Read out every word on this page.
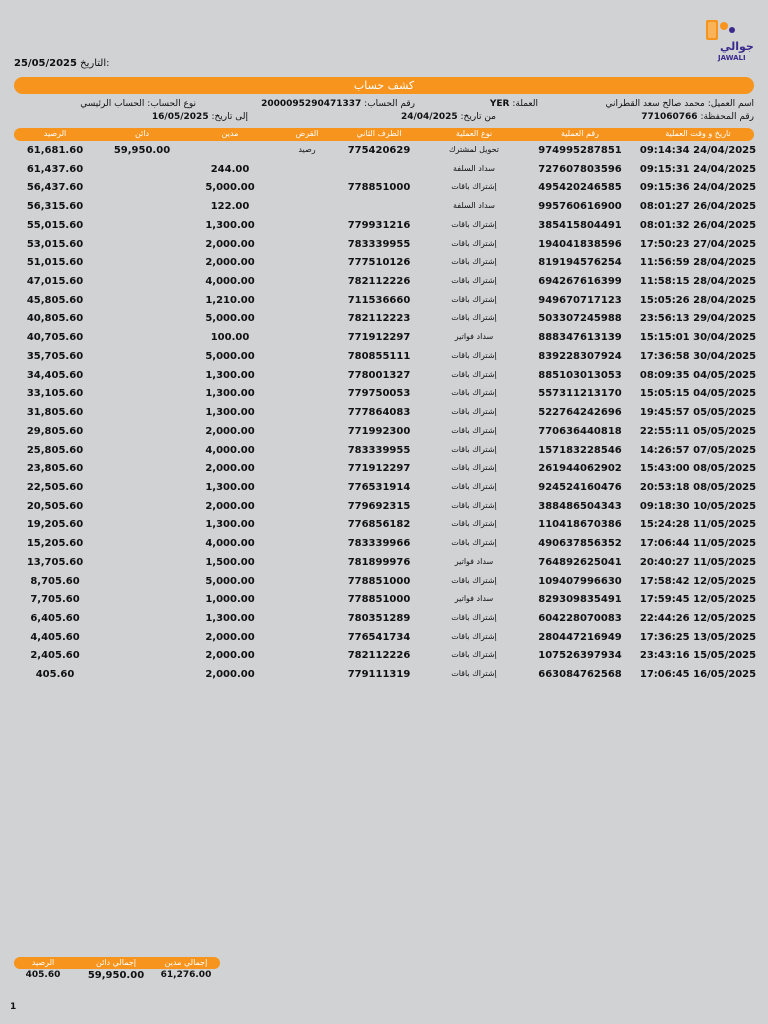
25/05/2025 التاريخ:
جوالي
JAWALI
كشف حساب
اسم العميل: محمد صالح سعد القطراني
العملة: YER
رقم الحساب: 2000095290471337
نوع الحساب: الحساب الرئيسي
رقم المحفظة: 771060766
من تاريخ: 24/04/2025
إلى تاريخ: 16/05/2025
تاريخ و وقت العملية
رقم العملية
نوع العملية
الطرف الثاني
القرض
مدين
دائن
الرصيد
09:14:34 24/04/2025
974995287851
تحويل لمشترك
775420629
رصيد
59,950.00
61,681.60
09:15:31 24/04/2025
727607803596
سداد السلفة
244.00
61,437.60
09:15:36 24/04/2025
495420246585
إشتراك باقات
778851000
5,000.00
56,437.60
08:01:27 26/04/2025
995760616900
سداد السلفة
122.00
56,315.60
08:01:32 26/04/2025
385415804491
إشتراك باقات
779931216
1,300.00
55,015.60
17:50:23 27/04/2025
194041838596
إشتراك باقات
783339955
2,000.00
53,015.60
11:56:59 28/04/2025
819194576254
إشتراك باقات
777510126
2,000.00
51,015.60
11:58:15 28/04/2025
694267616399
إشتراك باقات
782112226
4,000.00
47,015.60
15:05:26 28/04/2025
949670717123
إشتراك باقات
711536660
1,210.00
45,805.60
23:56:13 29/04/2025
503307245988
إشتراك باقات
782112223
5,000.00
40,805.60
15:15:01 30/04/2025
888347613139
سداد فواتير
771912297
100.00
40,705.60
17:36:58 30/04/2025
839228307924
إشتراك باقات
780855111
5,000.00
35,705.60
08:09:35 04/05/2025
885103013053
إشتراك باقات
778001327
1,300.00
34,405.60
15:05:15 04/05/2025
557311213170
إشتراك باقات
779750053
1,300.00
33,105.60
19:45:57 05/05/2025
522764242696
إشتراك باقات
777864083
1,300.00
31,805.60
22:55:11 05/05/2025
770636440818
إشتراك باقات
771992300
2,000.00
29,805.60
14:26:57 07/05/2025
157183228546
إشتراك باقات
783339955
4,000.00
25,805.60
15:43:00 08/05/2025
261944062902
إشتراك باقات
771912297
2,000.00
23,805.60
20:53:18 08/05/2025
924524160476
إشتراك باقات
776531914
1,300.00
22,505.60
09:18:30 10/05/2025
388486504343
إشتراك باقات
779692315
2,000.00
20,505.60
15:24:28 11/05/2025
110418670386
إشتراك باقات
776856182
1,300.00
19,205.60
17:06:44 11/05/2025
490637856352
إشتراك باقات
783339966
4,000.00
15,205.60
20:40:27 11/05/2025
764892625041
سداد فواتير
781899976
1,500.00
13,705.60
17:58:42 12/05/2025
109407996630
إشتراك باقات
778851000
5,000.00
8,705.60
17:59:45 12/05/2025
829309835491
سداد فواتير
778851000
1,000.00
7,705.60
22:44:26 12/05/2025
604228070083
إشتراك باقات
780351289
1,300.00
6,405.60
17:36:25 13/05/2025
280447216949
إشتراك باقات
776541734
2,000.00
4,405.60
23:43:16 15/05/2025
107526397934
إشتراك باقات
782112226
2,000.00
2,405.60
17:06:45 16/05/2025
663084762568
إشتراك باقات
779111319
2,000.00
405.60
إجمالي مدين
إجمالي دائن
الرصيد
61,276.00
59,950.00
405.60
1
